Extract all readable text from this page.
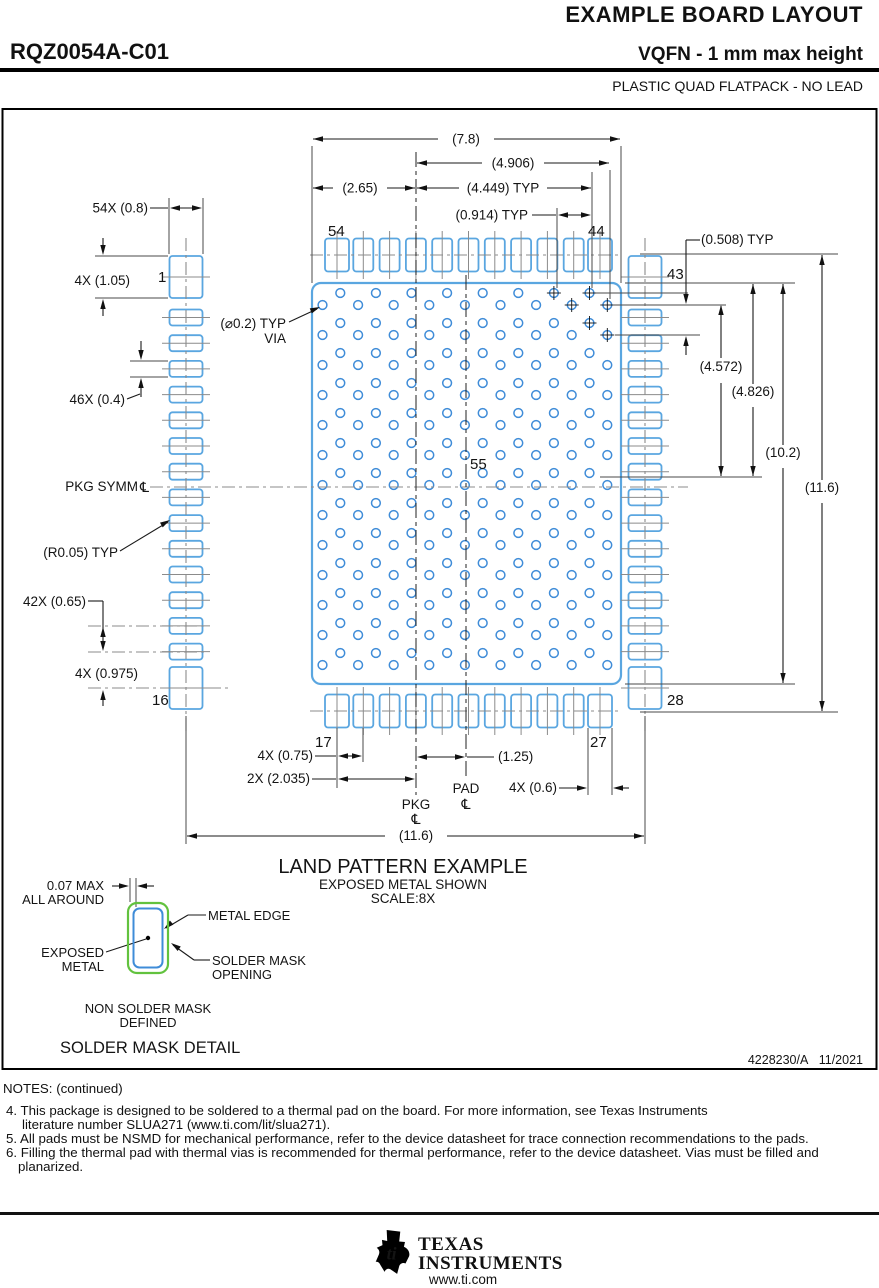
EXAMPLE BOARD LAYOUT
RQZ0054A-C01	VQFN - 1 mm max height
PLASTIC QUAD FLATPACK - NO LEAD
(7.8)
(4.906)
(2.65)	(4.449) TYP
(0.914) TYP
54X (0.8)
4X (1.05) 1
46X (0.4)
(⌀0.2) TYP
VIA
PKG SYMM ℄
(R0.05) TYP
42X (0.65)
4X (0.975)
16
54	44
43
28
55
(0.508) TYP
(4.572)
(4.826)
(10.2)
(11.6)
17	27
4X (0.75)	(1.25)
2X (2.035)
PAD
℄
PKG
℄
4X (0.6)
(11.6)
LAND PATTERN EXAMPLE
EXPOSED METAL SHOWN
SCALE:8X
0.07 MAX
ALL AROUND
METAL EDGE
EXPOSED
METAL	SOLDER MASK
OPENING
NON SOLDER MASK
DEFINED
SOLDER MASK DETAIL
4228230/A   11/2021
NOTES: (continued)
4. This package is designed to be soldered to a thermal pad on the board. For more information, see Texas Instruments
literature number SLUA271 (www.ti.com/lit/slua271).
5. All pads must be NSMD for mechanical performance, refer to the device datasheet for trace connection recommendations to the pads.
6. Filling the thermal pad with thermal vias is recommended for thermal performance, refer to the device datasheet. Vias must be filled and
planarized.
ti TEXAS
INSTRUMENTS
www.ti.com
